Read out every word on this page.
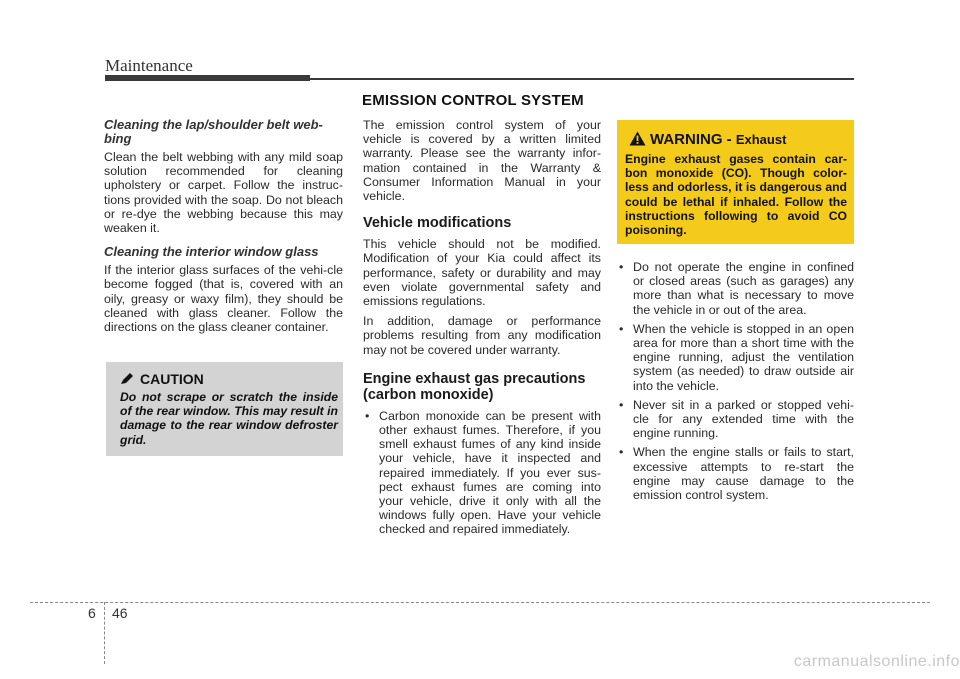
Maintenance
EMISSION CONTROL SYSTEM
Cleaning the lap/shoulder belt web-bing

Clean the belt webbing with any mild soap solution recommended for cleaning upholstery or carpet. Follow the instruc-tions provided with the soap. Do not bleach or re-dye the webbing because this may weaken it.

Cleaning the interior window glass

If the interior glass surfaces of the vehi-cle become fogged (that is, covered with an oily, greasy or waxy film), they should be cleaned with glass cleaner. Follow the directions on the glass cleaner container.

CAUTION
Do not scrape or scratch the inside of the rear window. This may result in damage to the rear window defroster grid.

The emission control system of your vehicle is covered by a written limited warranty. Please see the warranty infor-mation contained in the Warranty & Consumer Information Manual in your vehicle.

Vehicle modifications

This vehicle should not be modified. Modification of your Kia could affect its performance, safety or durability and may even violate governmental safety and emissions regulations.

In addition, damage or performance problems resulting from any modification may not be covered under warranty.

Engine exhaust gas precautions (carbon monoxide)
• Carbon monoxide can be present with other exhaust fumes. Therefore, if you smell exhaust fumes of any kind inside your vehicle, have it inspected and repaired immediately. If you ever sus-pect exhaust fumes are coming into your vehicle, drive it only with all the windows fully open. Have your vehicle checked and repaired immediately.
WARNING - Exhaust
Engine exhaust gases contain car-bon monoxide (CO). Though color-less and odorless, it is dangerous and could be lethal if inhaled. Follow the instructions following to avoid CO poisoning.
• Do not operate the engine in confined or closed areas (such as garages) any more than what is necessary to move the vehicle in or out of the area.
• When the vehicle is stopped in an open area for more than a short time with the engine running, adjust the ventilation system (as needed) to draw outside air into the vehicle.
• Never sit in a parked or stopped vehi-cle for any extended time with the engine running.
• When the engine stalls or fails to start, excessive attempts to re-start the engine may cause damage to the emission control system.
6 46
carmanualsonline.info
